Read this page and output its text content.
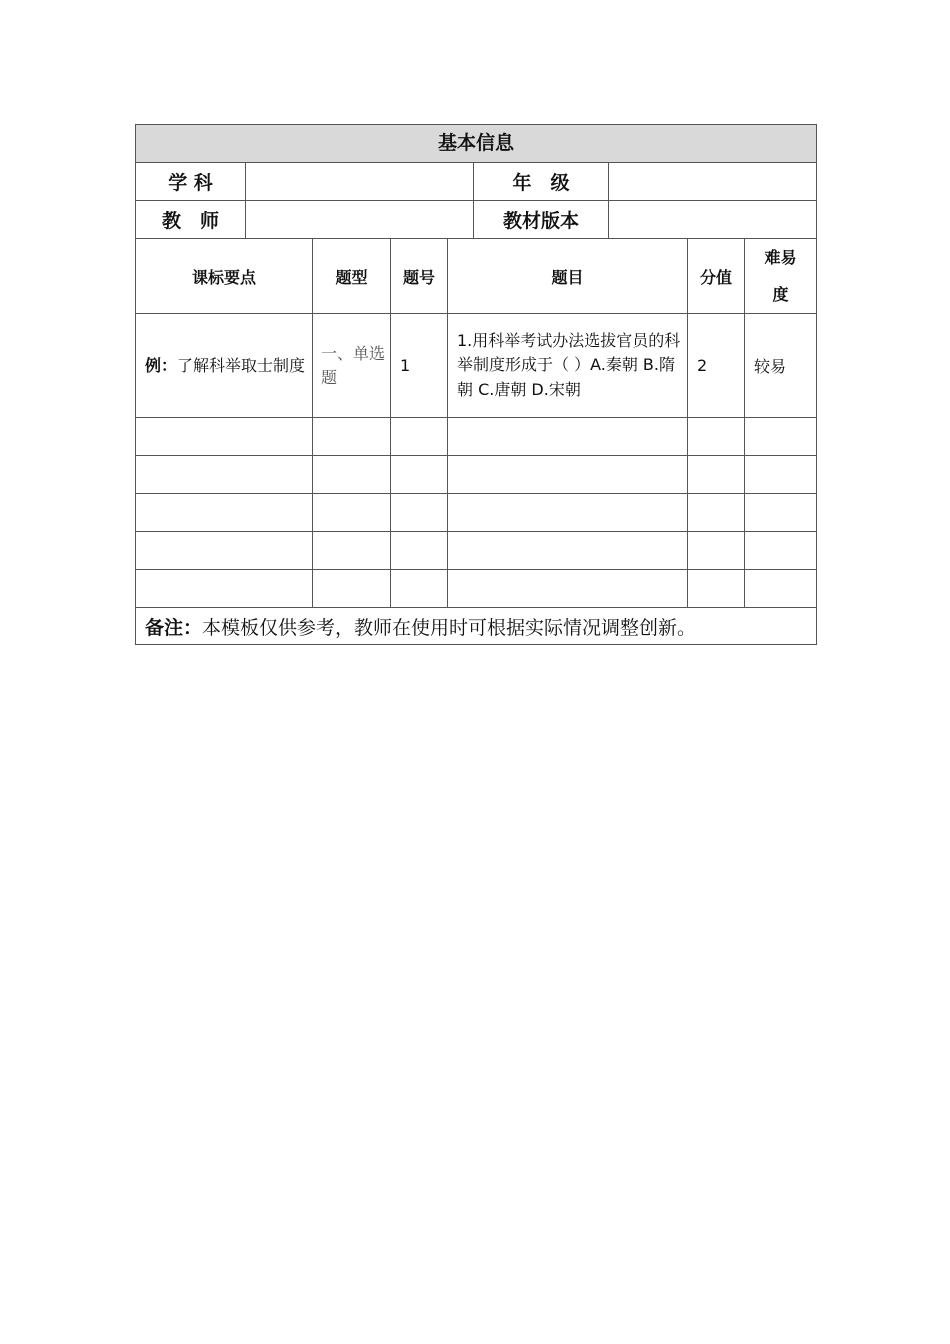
基本信息								
学 科					年　级			
教　师					教材版本			
课标要点		题型	题号	题目			分值	难易
度
例：了解科举取士制度		一、单选题	1	1.用科举考试办法选拔官员的科举制度形成于（ ）A.秦朝 B.隋朝 C.唐朝 D.宋朝			2	较易

备注：本模板仅供参考，教师在使用时可根据实际情况调整创新。								
